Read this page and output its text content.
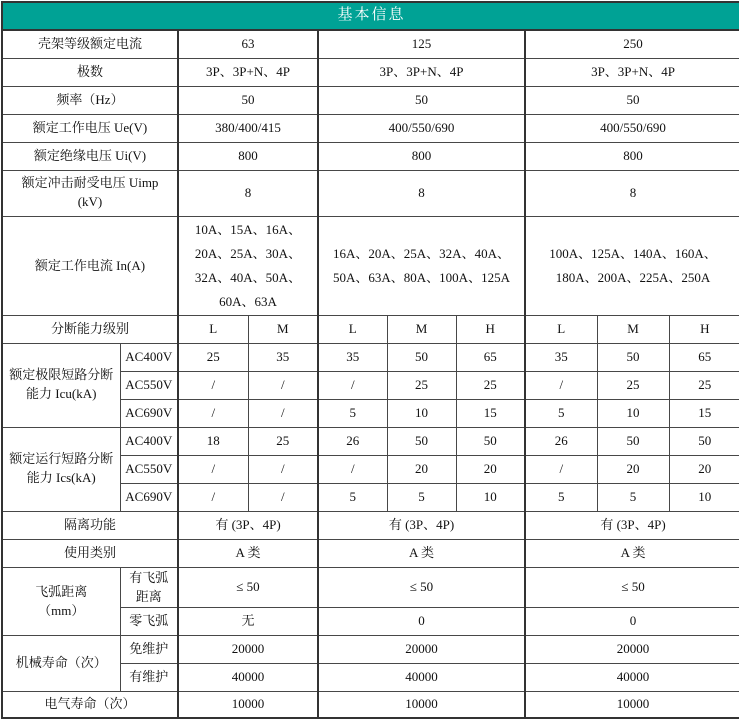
基本信息									
壳架等级额定电流		63		125			250		
极数		3P、3P+N、4P		3P、3P+N、4P			3P、3P+N、4P		
频率（Hz）		50		50			50		
额定工作电压 Ue(V)		380/400/415		400/550/690			400/550/690		
额定绝缘电压 Ui(V)		800		800			800		

额定冲击耐受电压 Uimp
(kV)		8		8			8		
额定工作电流 In(A)		10A、15A、16A、20A、25A、30A、32A、40A、50A、60A、63A		16A、20A、25A、32A、40A、50A、63A、80A、100A、125A			100A、125A、140A、160A、180A、200A、225A、250A		
分断能力级别		L	M	L	M	H	L	M	H
额定极限短路分断能力 Icu(kA)	AC400V	25	35	35	50	65	35	50	65
	AC550V	/	/	/	25	25	/	25	25
	AC690V	/	/	5	10	15	5	10	15
额定运行短路分断能力 Ics(kA)	AC400V	18	25	26	50	50	26	50	50
	AC550V	/	/	/	20	20	/	20	20
	AC690V	/	/	5	5	10	5	5	10
隔离功能		有 (3P、4P)		有 (3P、4P)			有 (3P、4P)		
使用类别		A 类		A 类			A 类		

飞弧距离
（mm）	有飞弧距离	≤ 50		≤ 50			≤ 50		
	零飞弧	无		0			0		
机械寿命（次）	免维护	20000		20000			20000		
	有维护	40000		40000			40000		
电气寿命（次）		10000		10000			10000		
